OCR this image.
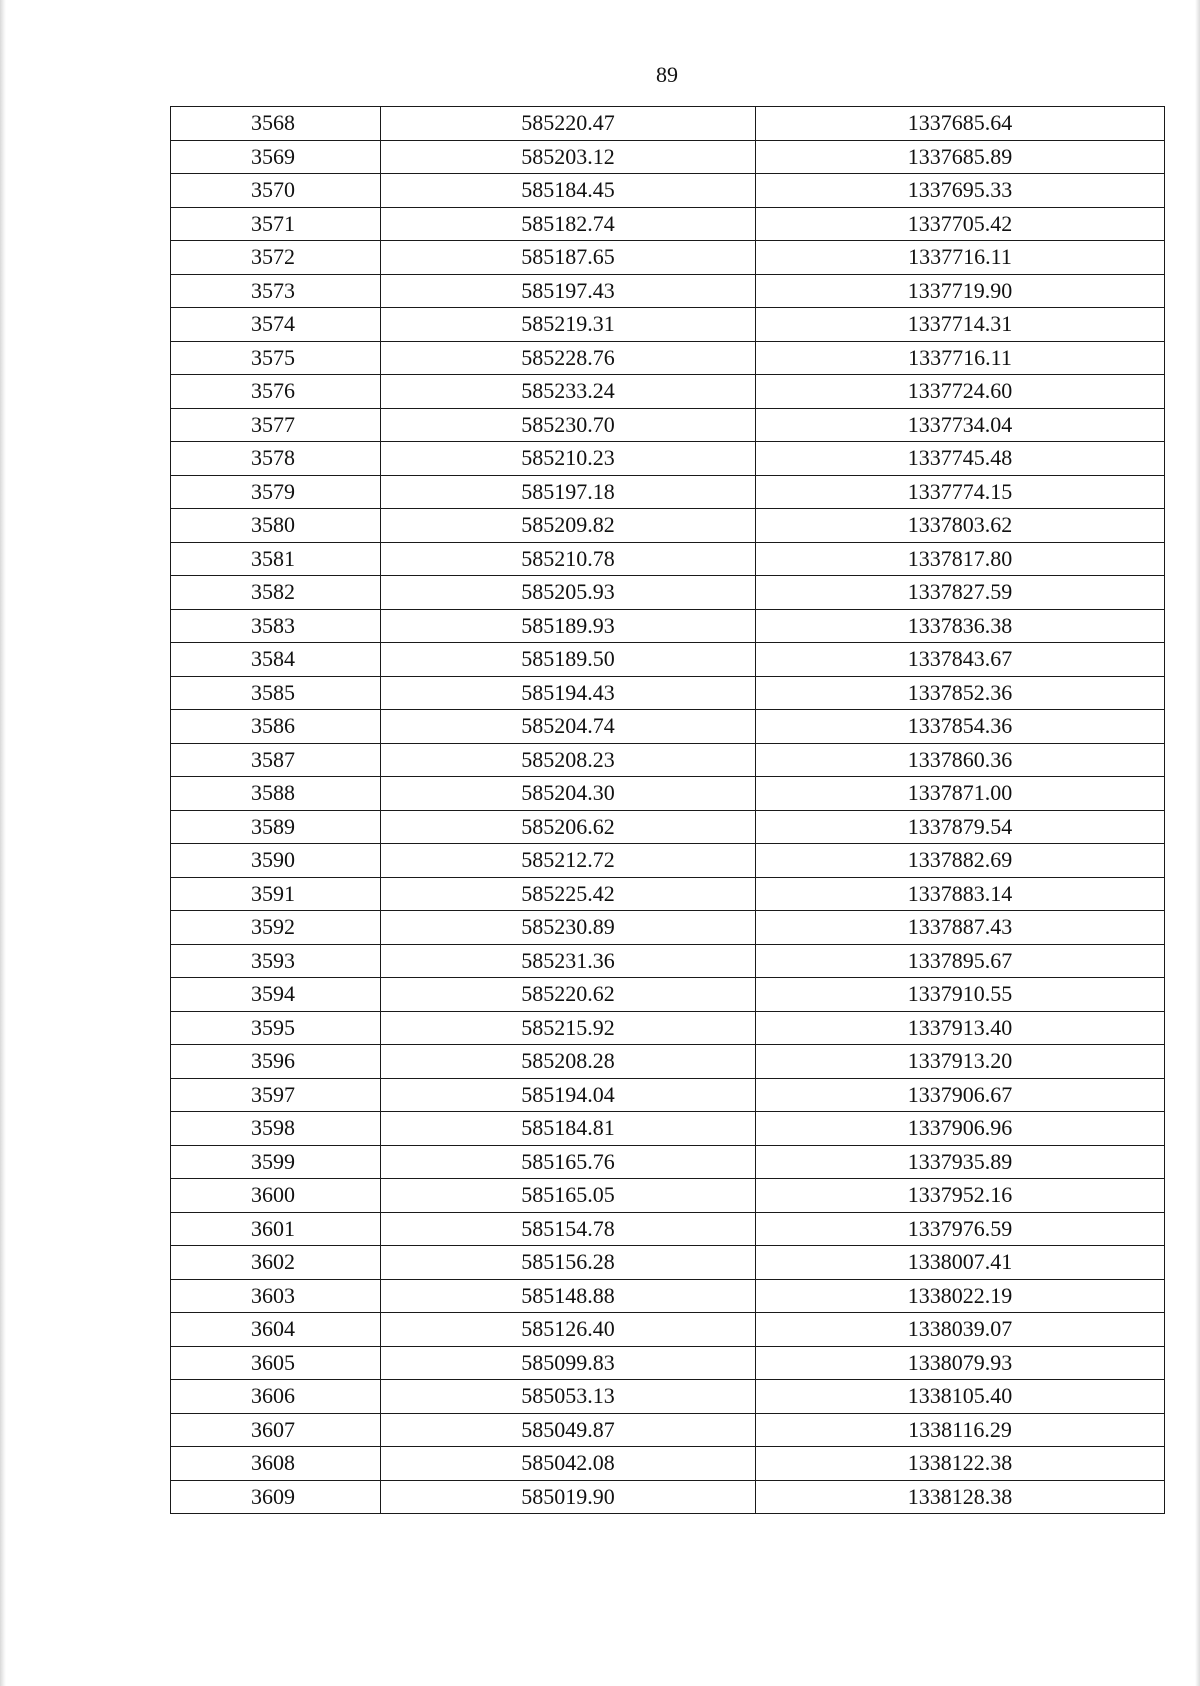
89
3568	585220.47	1337685.64
3569	585203.12	1337685.89
3570	585184.45	1337695.33
3571	585182.74	1337705.42
3572	585187.65	1337716.11
3573	585197.43	1337719.90
3574	585219.31	1337714.31
3575	585228.76	1337716.11
3576	585233.24	1337724.60
3577	585230.70	1337734.04
3578	585210.23	1337745.48
3579	585197.18	1337774.15
3580	585209.82	1337803.62
3581	585210.78	1337817.80
3582	585205.93	1337827.59
3583	585189.93	1337836.38
3584	585189.50	1337843.67
3585	585194.43	1337852.36
3586	585204.74	1337854.36
3587	585208.23	1337860.36
3588	585204.30	1337871.00
3589	585206.62	1337879.54
3590	585212.72	1337882.69
3591	585225.42	1337883.14
3592	585230.89	1337887.43
3593	585231.36	1337895.67
3594	585220.62	1337910.55
3595	585215.92	1337913.40
3596	585208.28	1337913.20
3597	585194.04	1337906.67
3598	585184.81	1337906.96
3599	585165.76	1337935.89
3600	585165.05	1337952.16
3601	585154.78	1337976.59
3602	585156.28	1338007.41
3603	585148.88	1338022.19
3604	585126.40	1338039.07
3605	585099.83	1338079.93
3606	585053.13	1338105.40
3607	585049.87	1338116.29
3608	585042.08	1338122.38
3609	585019.90	1338128.38
